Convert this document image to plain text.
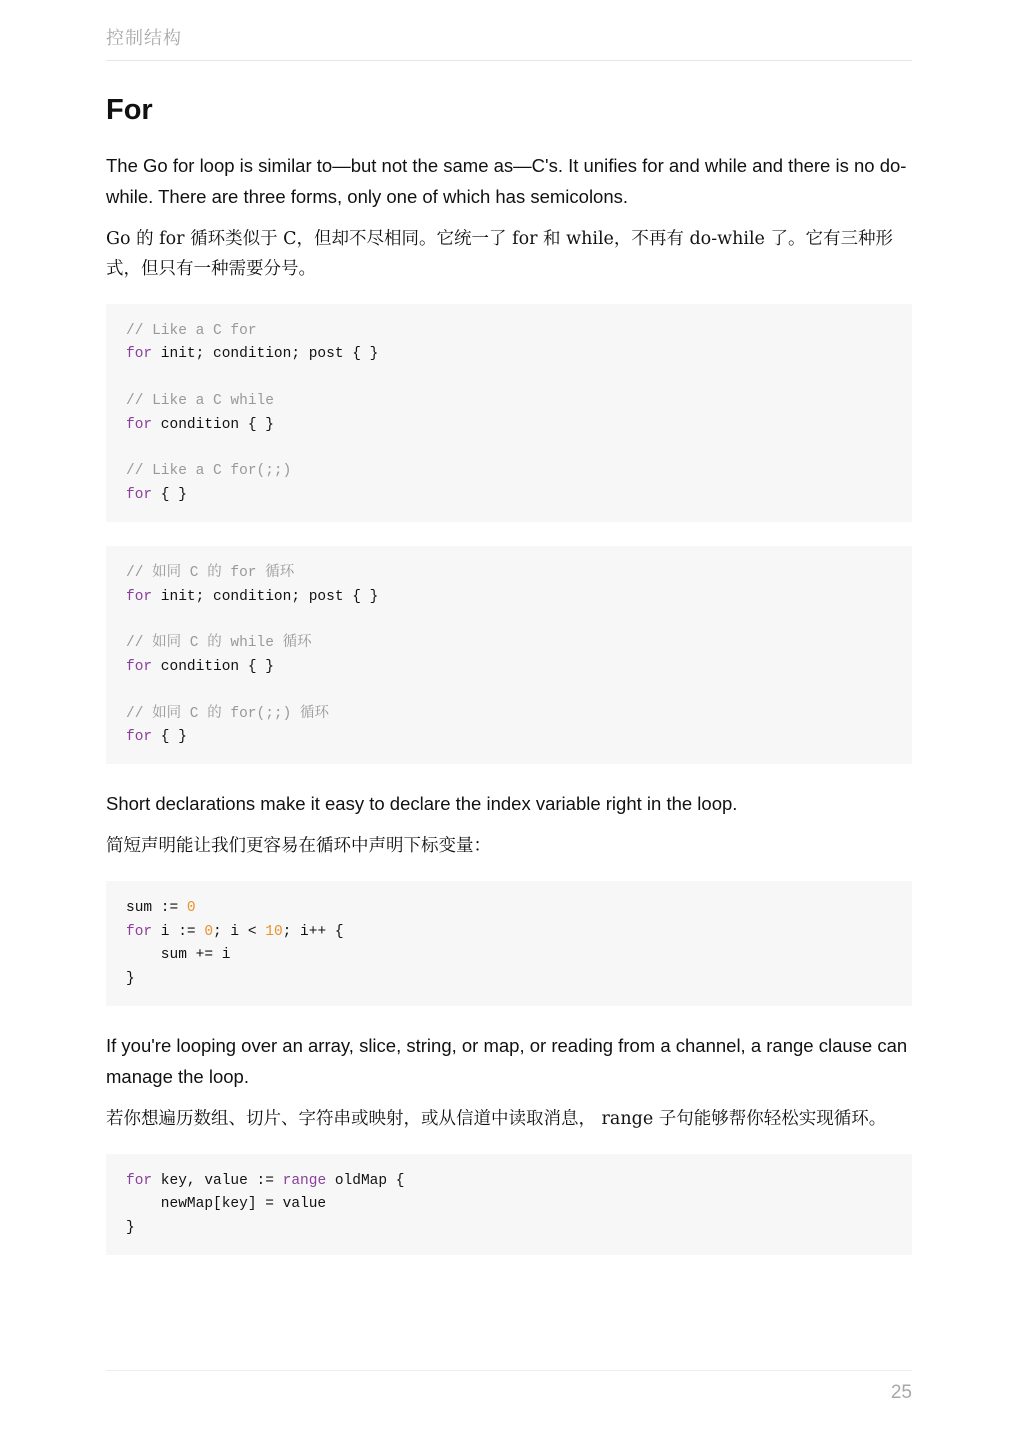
控制结构
For

The Go for loop is similar to—but not the same as—C's. It unifies for and while and there is no do-while. There are three forms, only one of which has semicolons.

Go 的 for 循环类似于 C，但却不尽相同。它统一了 for 和 while，不再有 do-while 了。它有三种形式，但只有一种需要分号。

// Like a C for
for init; condition; post { }
// Like a C while
for condition { }
// Like a C for(;;)
for { }
// 如同 C 的 for 循环
for init; condition; post { }
// 如同 C 的 while 循环
for condition { }
// 如同 C 的 for(;;) 循环
for { }

Short declarations make it easy to declare the index variable right in the loop.

简短声明能让我们更容易在循环中声明下标变量：

sum := 0
for i := 0; i < 10; i++ {
sum += i
}

If you're looping over an array, slice, string, or map, or reading from a channel, a range clause can manage the loop.

若你想遍历数组、切片、字符串或映射，或从信道中读取消息， range 子句能够帮你轻松实现循环。

for key, value := range oldMap {
newMap[key] = value
}
25
